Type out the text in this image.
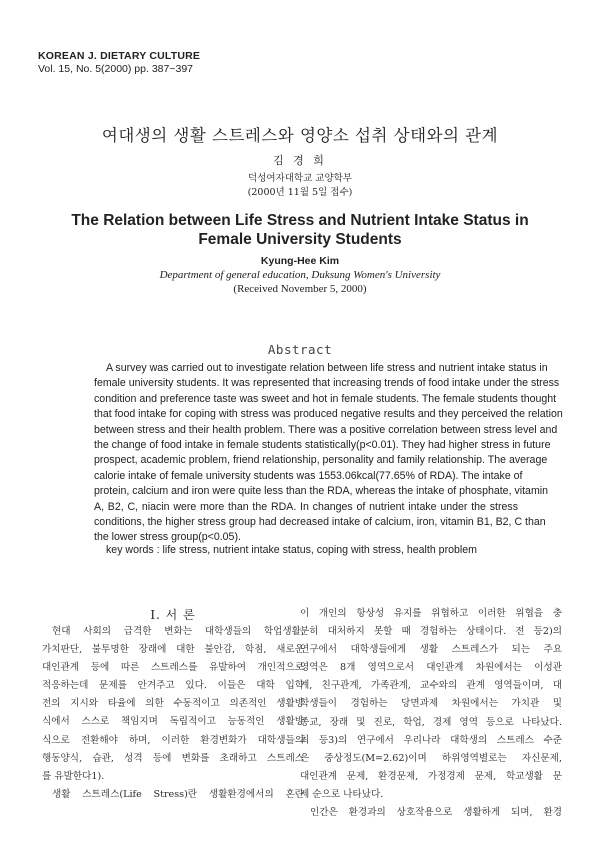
KOREAN J. DIETARY CULTURE
Vol. 15, No. 5(2000) pp. 387~397
여대생의 생활 스트레스와 영양소 섭취 상태와의 관계
김 경 희
덕성여자대학교 교양학부
(2000년 11월 5일 접수)
The Relation between Life Stress and Nutrient Intake Status in
Female University Students
Kyung-Hee Kim
Department of general education, Duksung Women's University
(Received November 5, 2000)
Abstract
A survey was carried out to investigate relation between life stress and nutrient intake status in
female university students. It was represented that increasing trends of food intake under the stress
condition and preference taste was sweet and hot in female students. The female students thought
that food intake for coping with stress was produced negative results and they perceived the relation
between stress and their health problem. There was a positive correlation between stress level and
the change of food intake in female students statistically(p<0.01). They had higher stress in future
prospect, academic problem, friend relationship, personality and family relationship. The average
calorie intake of female university students was 1553.06kcal(77.65% of RDA). The intake of
protein, calcium and iron were quite less than the RDA, whereas the intake of phosphate, vitamin
A, B2, C, niacin were more than the RDA. In changes of nutrient intake under the stress
conditions, the higher stress group had decreased intake of calcium, iron, vitamin B1, B2, C than
the lower stress group(p<0.05).
key words : life stress, nutrient intake status, coping with stress, health problem
I. 서 론
현대 사회의 급격한 변화는 대학생들의 학업생활,
가치판단, 불투명한 장래에 대한 불안감, 학점, 새로운
대인관계 등에 따른 스트레스를 유발하여 개인적으로
적응하는데 문제를 안겨주고 있다. 이들은 대학 입학
전의 지시와 타율에 의한 수동적이고 의존적인 생활방
식에서 스스로 책임지며 독립적이고 능동적인 생활방
식으로 전환해야 하며, 이러한 환경변화가 대학생들의
행동양식, 습관, 성격 등에 변화를 초래하고 스트레스
를 유발한다1).
생활 스트레스(Life Stress)란 생활환경에서의 혼란
이 개인의 항상성 유지를 위협하고 이러한 위협을 충
분히 대처하지 못할 때 경험하는 상태이다. 전 등2)의
연구에서 대학생들에게 생활 스트레스가 되는 주요
영역은 8개 영역으로서 대인관계 차원에서는 이성관
계, 친구관계, 가족관계, 교수와의 관계 영역들이며, 대
학생들이 경험하는 당면과제 차원에서는 가치관 및
종교, 장래 및 진로, 학업, 경제 영역 등으로 나타났다.
최 등3)의 연구에서 우리나라 대학생의 스트레스 수준
은 중상정도(M=2.62)이며 하위영역별로는 자신문제,
대인관계 문제, 환경문제, 가정경제 문제, 학교생활 문
제 순으로 나타났다.
인간은 환경과의 상호작용으로 생활하게 되며, 환경
